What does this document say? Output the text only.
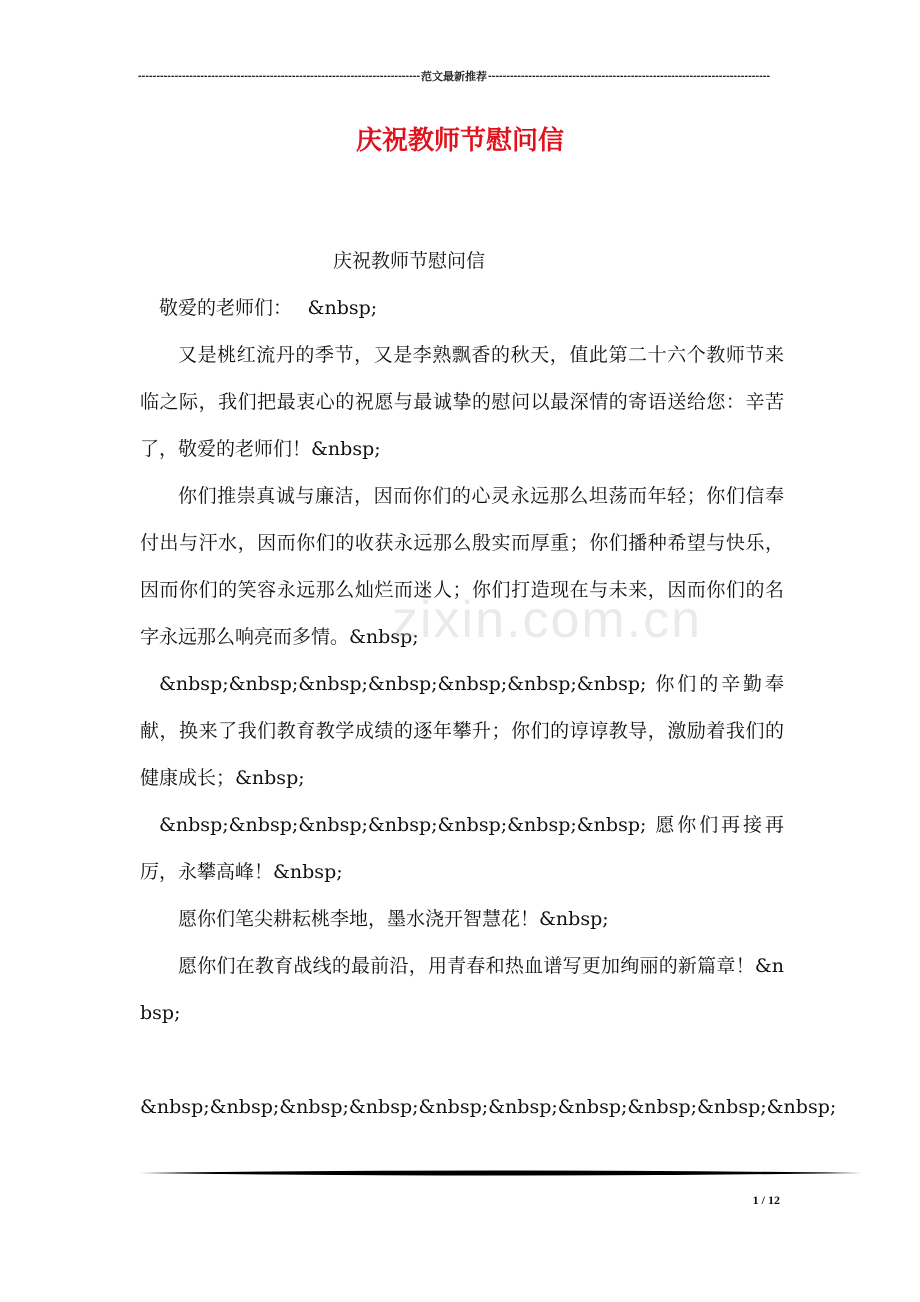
-----
范文最新推荐
-----
庆祝教师节慰问信

庆祝教师节慰问信

敬爱的老师们：　 &nbsp;

又是桃红流丹的季节，又是李熟飘香的秋天，值此第二十六个教师节来临之际，我们把最衷心的祝愿与最诚挚的慰问以最深情的寄语送给您：辛苦了，敬爱的老师们！&nbsp;

你们推崇真诚与廉洁，因而你们的心灵永远那么坦荡而年轻；你们信奉付出与汗水，因而你们的收获永远那么殷实而厚重；你们播种希望与快乐，因而你们的笑容永远那么灿烂而迷人；你们打造现在与未来，因而你们的名字永远那么响亮而多情。&nbsp;

&nbsp;&nbsp;&nbsp;&nbsp;&nbsp;&nbsp;&nbsp; 你们的辛勤奉献，换来了我们教育教学成绩的逐年攀升；你们的谆谆教导，激励着我们的健康成长；&nbsp;

&nbsp;&nbsp;&nbsp;&nbsp;&nbsp;&nbsp;&nbsp; 愿你们再接再厉，永攀高峰！&nbsp;

愿你们笔尖耕耘桃李地，墨水浇开智慧花！&nbsp;

愿你们在教育战线的最前沿，用青春和热血谱写更加绚丽的新篇章！&nbsp;

&nbsp;&nbsp;&nbsp;&nbsp;&nbsp;&nbsp;&nbsp;&nbsp;&nbsp;&nbsp;

zixin.com.cn
1 / 12
